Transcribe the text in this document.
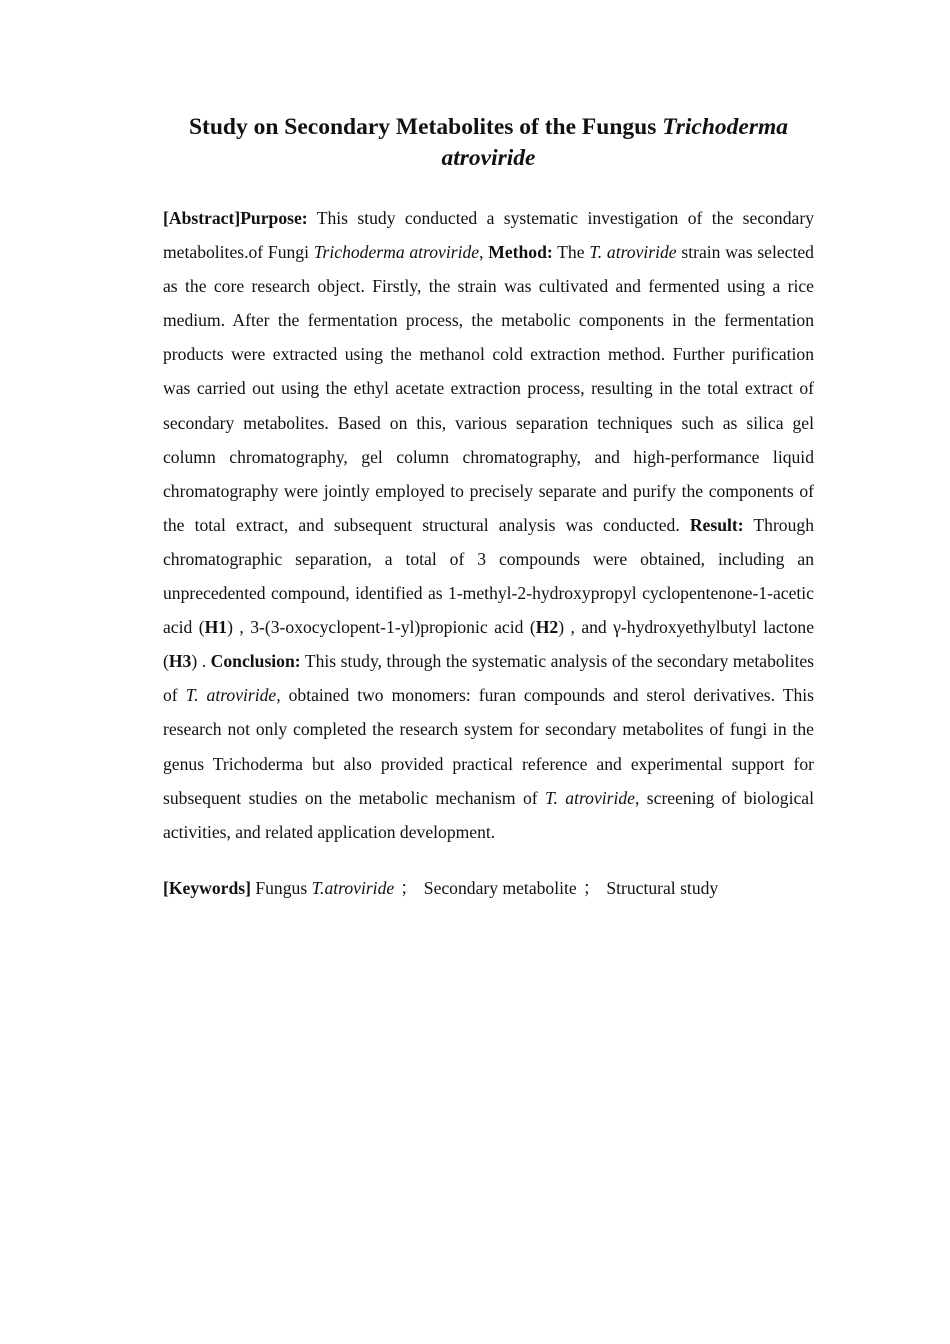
Study on Secondary Metabolites of the Fungus Trichoderma atroviride

[Abstract]Purpose: This study conducted a systematic investigation of the secondary metabolites.of Fungi Trichoderma atroviride, Method: The T. atroviride strain was selected as the core research object. Firstly, the strain was cultivated and fermented using a rice medium. After the fermentation process, the metabolic components in the fermentation products were extracted using the methanol cold extraction method. Further purification was carried out using the ethyl acetate extraction process, resulting in the total extract of secondary metabolites. Based on this, various separation techniques such as silica gel column chromatography, gel column chromatography, and high-performance liquid chromatography were jointly employed to precisely separate and purify the components of the total extract, and subsequent structural analysis was conducted. Result: Through chromatographic separation, a total of 3 compounds were obtained, including an unprecedented compound, identified as 1-methyl-2-hydroxypropyl cyclopentenone-1-acetic acid (H1) , 3-(3-oxocyclopent-1-yl)propionic acid (H2) , and γ-hydroxyethylbutyl lactone (H3) . Conclusion: This study, through the systematic analysis of the secondary metabolites of T. atroviride, obtained two monomers: furan compounds and sterol derivatives. This research not only completed the research system for secondary metabolites of fungi in the genus Trichoderma but also provided practical reference and experimental support for subsequent studies on the metabolic mechanism of T. atroviride, screening of biological activities, and related application development.

[Keywords] Fungus T.atroviride ； Secondary metabolite ； Structural study
